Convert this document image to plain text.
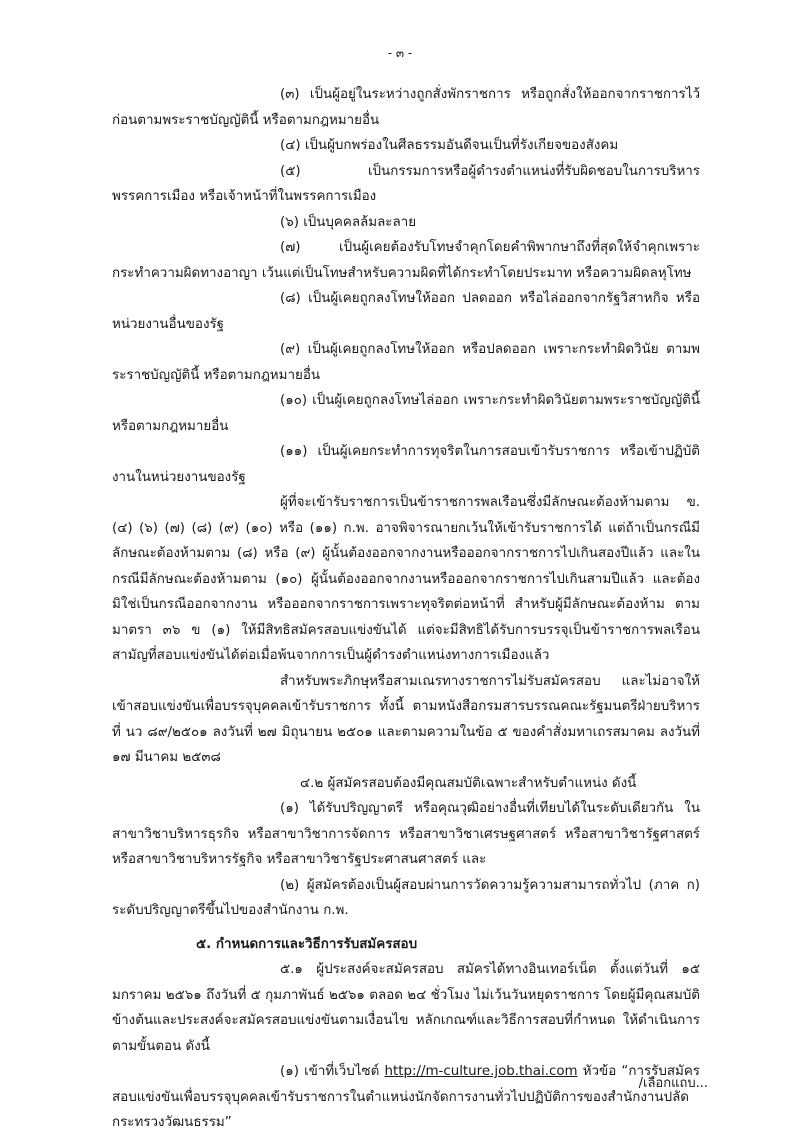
- ๓ -

(๓) เป็นผู้อยู่ในระหว่างถูกสั่งพักราชการ หรือถูกสั่งให้ออกจากราชการไว้ก่อนตามพระราชบัญญัตินี้ หรือตามกฎหมายอื่น

(๔) เป็นผู้บกพร่องในศีลธรรมอันดีจนเป็นที่รังเกียจของสังคม

(๕) เป็นกรรมการหรือผู้ดำรงตำแหน่งที่รับผิดชอบในการบริหารพรรคการเมือง หรือเจ้าหน้าที่ในพรรคการเมือง

(๖) เป็นบุคคลล้มละลาย

(๗) เป็นผู้เคยต้องรับโทษจำคุกโดยคำพิพากษาถึงที่สุดให้จำคุกเพราะกระทำความผิดทางอาญา เว้นแต่เป็นโทษสำหรับความผิดที่ได้กระทำโดยประมาท หรือความผิดลหุโทษ

(๘) เป็นผู้เคยถูกลงโทษให้ออก ปลดออก หรือไล่ออกจากรัฐวิสาหกิจ หรือหน่วยงานอื่นของรัฐ

(๙) เป็นผู้เคยถูกลงโทษให้ออก หรือปลดออก เพราะกระทำผิดวินัย ตามพระราชบัญญัตินี้ หรือตามกฎหมายอื่น

(๑๐) เป็นผู้เคยถูกลงโทษไล่ออก เพราะกระทำผิดวินัยตามพระราชบัญญัตินี้ หรือตามกฎหมายอื่น

(๑๑) เป็นผู้เคยกระทำการทุจริตในการสอบเข้ารับราชการ หรือเข้าปฏิบัติงานในหน่วยงานของรัฐ

ผู้ที่จะเข้ารับราชการเป็นข้าราชการพลเรือนซึ่งมีลักษณะต้องห้ามตาม ข. (๔) (๖) (๗) (๘) (๙) (๑๐) หรือ (๑๑) ก.พ. อาจพิจารณายกเว้นให้เข้ารับราชการได้ แต่ถ้าเป็นกรณีมีลักษณะต้องห้ามตาม (๘) หรือ (๙) ผู้นั้นต้องออกจากงานหรือออกจากราชการไปเกินสองปีแล้ว และในกรณีมีลักษณะต้องห้ามตาม (๑๐) ผู้นั้นต้องออกจากงานหรือออกจากราชการไปเกินสามปีแล้ว และต้องมิใช่เป็นกรณีออกจากงาน หรือออกจากราชการเพราะทุจริตต่อหน้าที่ สำหรับผู้มีลักษณะต้องห้าม ตามมาตรา ๓๖ ข (๑) ให้มีสิทธิสมัครสอบแข่งขันได้ แต่จะมีสิทธิได้รับการบรรจุเป็นข้าราชการพลเรือนสามัญที่สอบแข่งขันได้ต่อเมื่อพ้นจากการเป็นผู้ดำรงตำแหน่งทางการเมืองแล้ว

สำหรับพระภิกษุหรือสามเณรทางราชการไม่รับสมัครสอบ และไม่อาจให้เข้าสอบแข่งขันเพื่อบรรจุบุคคลเข้ารับราชการ ทั้งนี้ ตามหนังสือกรมสารบรรณคณะรัฐมนตรีฝ่ายบริหาร ที่ นว ๘๙/๒๕๐๑ ลงวันที่ ๒๗ มิถุนายน ๒๕๐๑ และตามความในข้อ ๕ ของคำสั่งมหาเถรสมาคม ลงวันที่ ๑๗ มีนาคม ๒๕๓๘

๔.๒ ผู้สมัครสอบต้องมีคุณสมบัติเฉพาะสำหรับตำแหน่ง ดังนี้

(๑) ได้รับปริญญาตรี หรือคุณวุฒิอย่างอื่นที่เทียบได้ในระดับเดียวกัน ในสาขาวิชาบริหารธุรกิจ หรือสาขาวิชาการจัดการ หรือสาขาวิชาเศรษฐศาสตร์ หรือสาขาวิชารัฐศาสตร์ หรือสาขาวิชาบริหารรัฐกิจ หรือสาขาวิชารัฐประศาสนศาสตร์ และ

(๒) ผู้สมัครต้องเป็นผู้สอบผ่านการวัดความรู้ความสามารถทั่วไป (ภาค ก) ระดับปริญญาตรีขึ้นไปของสำนักงาน ก.พ.

๕. กำหนดการและวิธีการรับสมัครสอบ

๕.๑ ผู้ประสงค์จะสมัครสอบ สมัครได้ทางอินเทอร์เน็ต ตั้งแต่วันที่ ๑๕ มกราคม ๒๕๖๑ ถึงวันที่ ๕ กุมภาพันธ์ ๒๕๖๑ ตลอด ๒๔ ชั่วโมง ไม่เว้นวันหยุดราชการ โดยผู้มีคุณสมบัติข้างต้นและประสงค์จะสมัครสอบแข่งขันตามเงื่อนไข หลักเกณฑ์และวิธีการสอบที่กำหนด ให้ดำเนินการตามขั้นตอน ดังนี้

(๑) เข้าที่เว็บไซต์ http://m-culture.job.thai.com หัวข้อ “การรับสมัครสอบแข่งขันเพื่อบรรจุบุคคลเข้ารับราชการในตำแหน่งนักจัดการงานทั่วไปปฏิบัติการของสำนักงานปลัดกระทรวงวัฒนธรรม”

/เลือกแถบ...
